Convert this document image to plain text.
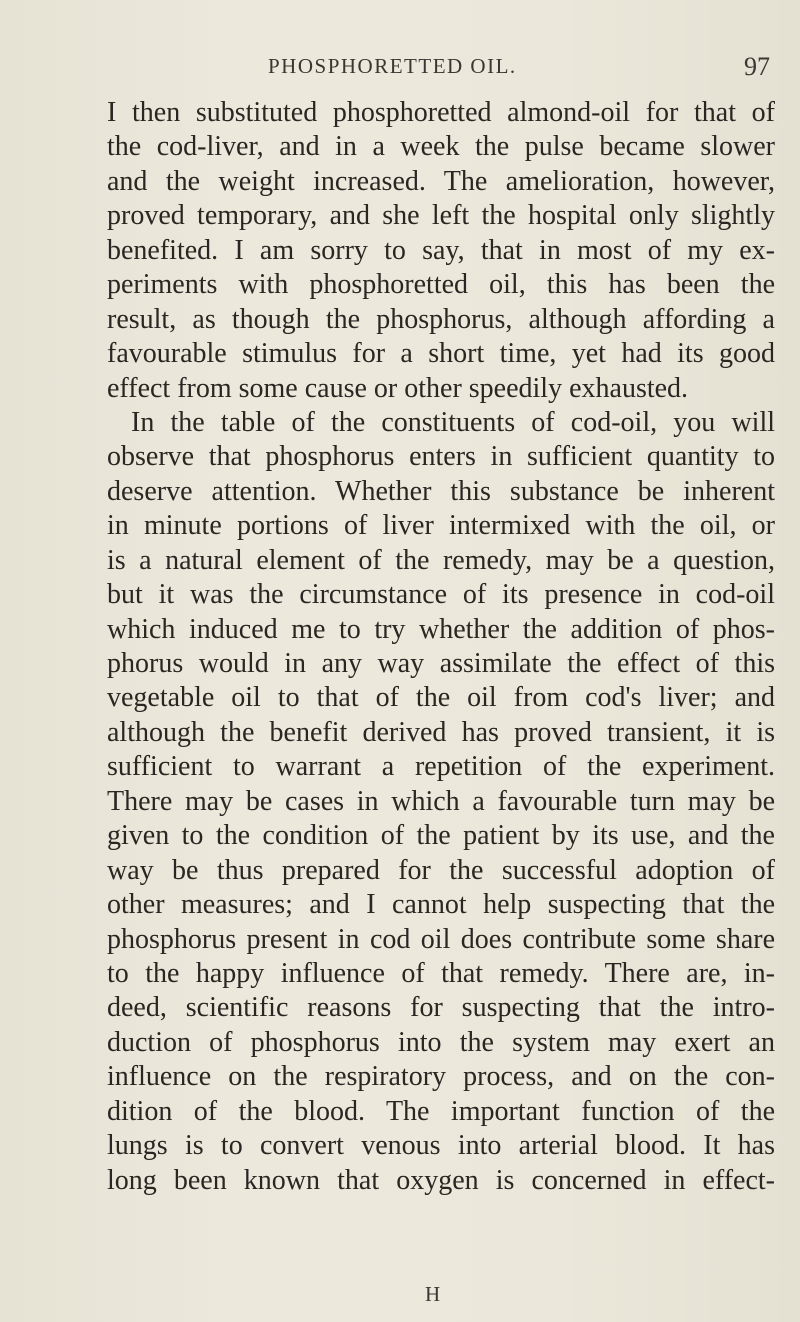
PHOSPHORETTED OIL.	97
I then substituted phosphoretted almond-oil for that of
the cod-liver, and in a week the pulse became slower
and the weight increased. The amelioration, however,
proved temporary, and she left the hospital only slightly
benefited. I am sorry to say, that in most of my ex-
periments with phosphoretted oil, this has been the
result, as though the phosphorus, although affording a
favourable stimulus for a short time, yet had its good
effect from some cause or other speedily exhausted.
In the table of the constituents of cod-oil, you will
observe that phosphorus enters in sufficient quantity to
deserve attention. Whether this substance be inherent
in minute portions of liver intermixed with the oil, or
is a natural element of the remedy, may be a question,
but it was the circumstance of its presence in cod-oil
which induced me to try whether the addition of phos-
phorus would in any way assimilate the effect of this
vegetable oil to that of the oil from cod's liver; and
although the benefit derived has proved transient, it is
sufficient to warrant a repetition of the experiment.
There may be cases in which a favourable turn may be
given to the condition of the patient by its use, and the
way be thus prepared for the successful adoption of
other measures; and I cannot help suspecting that the
phosphorus present in cod oil does contribute some share
to the happy influence of that remedy. There are, in-
deed, scientific reasons for suspecting that the intro-
duction of phosphorus into the system may exert an
influence on the respiratory process, and on the con-
dition of the blood. The important function of the
lungs is to convert venous into arterial blood. It has
long been known that oxygen is concerned in effect-
H
